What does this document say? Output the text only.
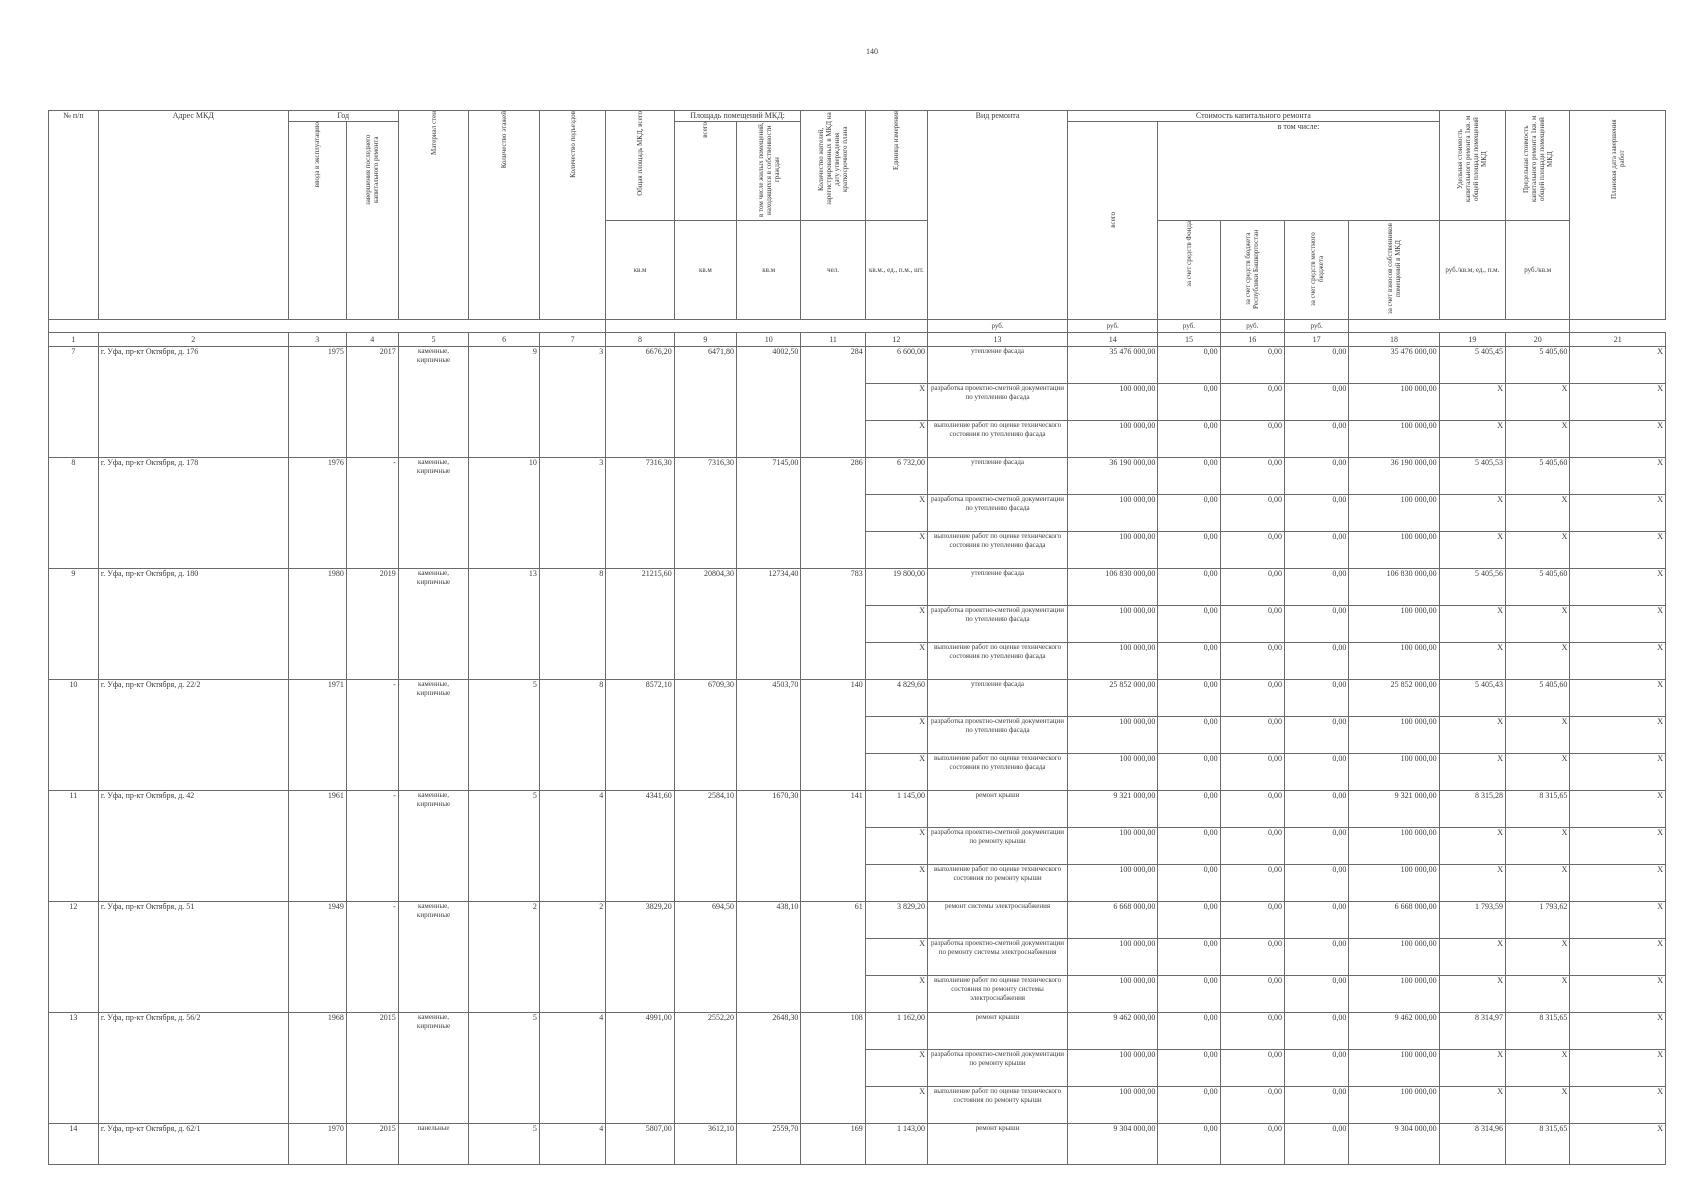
140
№ п/п	Адрес МКД	Год		Материал стен	Количество этажей	Количество подъездов	Общая площадь МКД, всего	Площадь помещений МКД:		Количество жителей, зарегистрированных в МКД на дату утверждения краткосрочного плана	Единица измерения	Вид ремонта	Стоимость капитального ремонта					Удельная стоимость капитального ремонта 1кв. м общей площади помещений МКД	Предельная стоимость капитального ремонта 1кв. м общей площади помещений МКД	Плановая дата завершения работ
		ввода в эксплуатацию	завершения последнего капитального ремонта					всего	в том числе жилых помещений, находящихся в собственности граждан				всего	в том числе:						
							кв.м	кв.м	кв.м	чел.	кв.м., ед., п.м., шт.			за счет средств Фонда	за счет средств бюджета Республики Башкортостан	за счет средств местного бюджета	за счет взносов собственников помещений в МКД	руб./кв.м, ед., п.м.	руб./кв.м	
												руб.	руб.	руб.	руб.	руб.				
1	2	3	4	5	6	7	8	9	10	11	12	13	14	15	16	17	18	19	20	21
7	г. Уфа, пр-кт Октября, д. 176	1975	2017	каменные, кирпичные	9	3	6676,20	6471,80	4002,50	284	6 600,00	утепление фасада	35 476 000,00	0,00	0,00	0,00	35 476 000,00	5 405,45	5 405,60	X
											X	разработка проектно-сметной документации по утеплению фасада	100 000,00	0,00	0,00	0,00	100 000,00	X	X	X
											X	выполнение работ по оценке технического состояния по утеплению фасада	100 000,00	0,00	0,00	0,00	100 000,00	X	X	X
8	г. Уфа, пр-кт Октября, д. 178	1976	-	каменные, кирпичные	10	3	7316,30	7316,30	7145,00	286	6 732,00	утепление фасада	36 190 000,00	0,00	0,00	0,00	36 190 000,00	5 405,53	5 405,60	X
											X	разработка проектно-сметной документации по утеплению фасада	100 000,00	0,00	0,00	0,00	100 000,00	X	X	X
											X	выполнение работ по оценке технического состояния по утеплению фасада	100 000,00	0,00	0,00	0,00	100 000,00	X	X	X
9	г. Уфа, пр-кт Октября, д. 180	1980	2019	каменные, кирпичные	13	8	21215,60	20804,30	12734,40	783	19 800,00	утепление фасада	106 830 000,00	0,00	0,00	0,00	106 830 000,00	5 405,56	5 405,60	X
											X	разработка проектно-сметной документации по утеплению фасада	100 000,00	0,00	0,00	0,00	100 000,00	X	X	X
											X	выполнение работ по оценке технического состояния по утеплению фасада	100 000,00	0,00	0,00	0,00	100 000,00	X	X	X
10	г. Уфа, пр-кт Октября, д. 22/2	1971	-	каменные, кирпичные	5	8	8572,10	6709,30	4503,70	140	4 829,60	утепление фасада	25 852 000,00	0,00	0,00	0,00	25 852 000,00	5 405,43	5 405,60	X
											X	разработка проектно-сметной документации по утеплению фасада	100 000,00	0,00	0,00	0,00	100 000,00	X	X	X
											X	выполнение работ по оценке технического состояния по утеплению фасада	100 000,00	0,00	0,00	0,00	100 000,00	X	X	X
11	г. Уфа, пр-кт Октября, д. 42	1961	-	каменные, кирпичные	5	4	4341,60	2584,10	1670,30	141	1 145,00	ремонт крыши	9 321 000,00	0,00	0,00	0,00	9 321 000,00	8 315,28	8 315,65	X
											X	разработка проектно-сметной документации по ремонту крыши	100 000,00	0,00	0,00	0,00	100 000,00	X	X	X
											X	выполнение работ по оценке технического состояния по ремонту крыши	100 000,00	0,00	0,00	0,00	100 000,00	X	X	X
12	г. Уфа, пр-кт Октября, д. 51	1949	-	каменные, кирпичные	2	2	3829,20	694,50	438,10	61	3 829,20	ремонт системы электроснабжения	6 668 000,00	0,00	0,00	0,00	6 668 000,00	1 793,59	1 793,62	X
											X	разработка проектно-сметной документации по ремонту системы электроснабжения	100 000,00	0,00	0,00	0,00	100 000,00	X	X	X
											X	выполнение работ по оценке технического состояния по ремонту системы электроснабжения	100 000,00	0,00	0,00	0,00	100 000,00	X	X	X
13	г. Уфа, пр-кт Октября, д. 56/2	1968	2015	каменные, кирпичные	5	4	4991,00	2552,20	2648,30	108	1 162,00	ремонт крыши	9 462 000,00	0,00	0,00	0,00	9 462 000,00	8 314,97	8 315,65	X
											X	разработка проектно-сметной документации по ремонту крыши	100 000,00	0,00	0,00	0,00	100 000,00	X	X	X
											X	выполнение работ по оценке технического состояния по ремонту крыши	100 000,00	0,00	0,00	0,00	100 000,00	X	X	X
14	г. Уфа, пр-кт Октября, д. 62/1	1970	2015	панельные	5	4	5807,00	3612,10	2559,70	169	1 143,00	ремонт крыши	9 304 000,00	0,00	0,00	0,00	9 304 000,00	8 314,96	8 315,65	X
